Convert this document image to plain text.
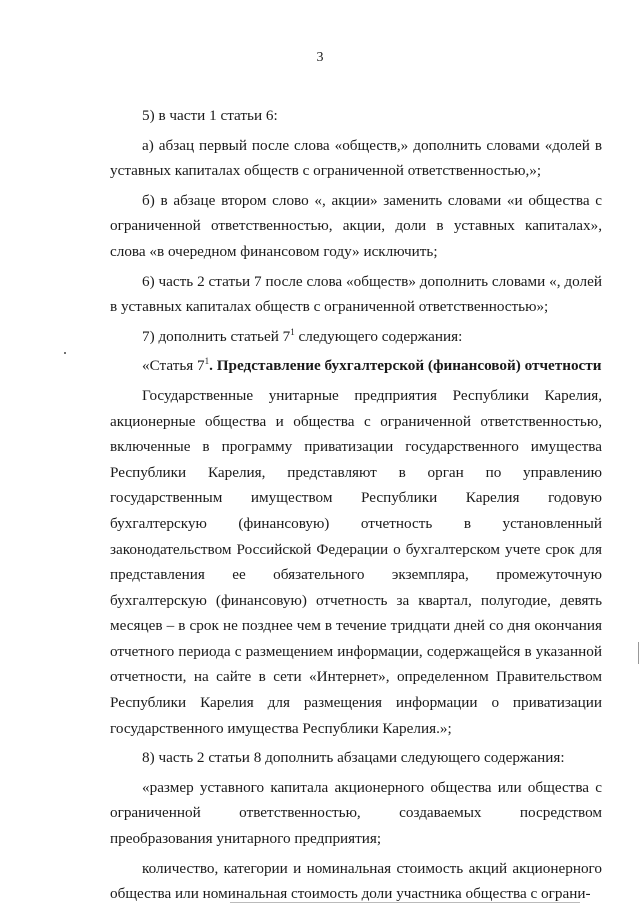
3

5) в части 1 статьи 6:

а) абзац первый после слова «обществ,» дополнить словами «долей в уставных капиталах обществ с ограниченной ответственностью,»;

б) в абзаце втором слово «, акции» заменить словами «и общества с ограниченной ответственностью, акции, доли в уставных капиталах», слова «в очередном финансовом году» исключить;

6) часть 2 статьи 7 после слова «обществ» дополнить словами «, долей в уставных капиталах обществ с ограниченной ответственностью»;

7) дополнить статьей $7^1$ следующего содержания:

«Статья $7^1$. Представление бухгалтерской (финансовой) отчетности

Государственные унитарные предприятия Республики Карелия, акционерные общества и общества с ограниченной ответственностью, включенные в программу приватизации государственного имущества Республики Карелия, представляют в орган по управлению государственным имуществом Республики Карелия годовую бухгалтерскую (финансовую) отчетность в установленный законодательством Российской Федерации о бухгалтерском учете срок для представления ее обязательного экземпляра, промежуточную бухгалтерскую (финансовую) отчетность за квартал, полугодие, девять месяцев – в срок не позднее чем в течение тридцати дней со дня окончания отчетного периода с размещением информации, содержащейся в указанной отчетности, на сайте в сети «Интернет», определенном Правительством Республики Карелия для размещения информации о приватизации государственного имущества Республики Карелия.»;

8) часть 2 статьи 8 дополнить абзацами следующего содержания:

«размер уставного капитала акционерного общества или общества с ограниченной ответственностью, создаваемых посредством преобразования унитарного предприятия;

количество, категории и номинальная стоимость акций акционерного общества или номинальная стоимость доли участника общества с ограни-
